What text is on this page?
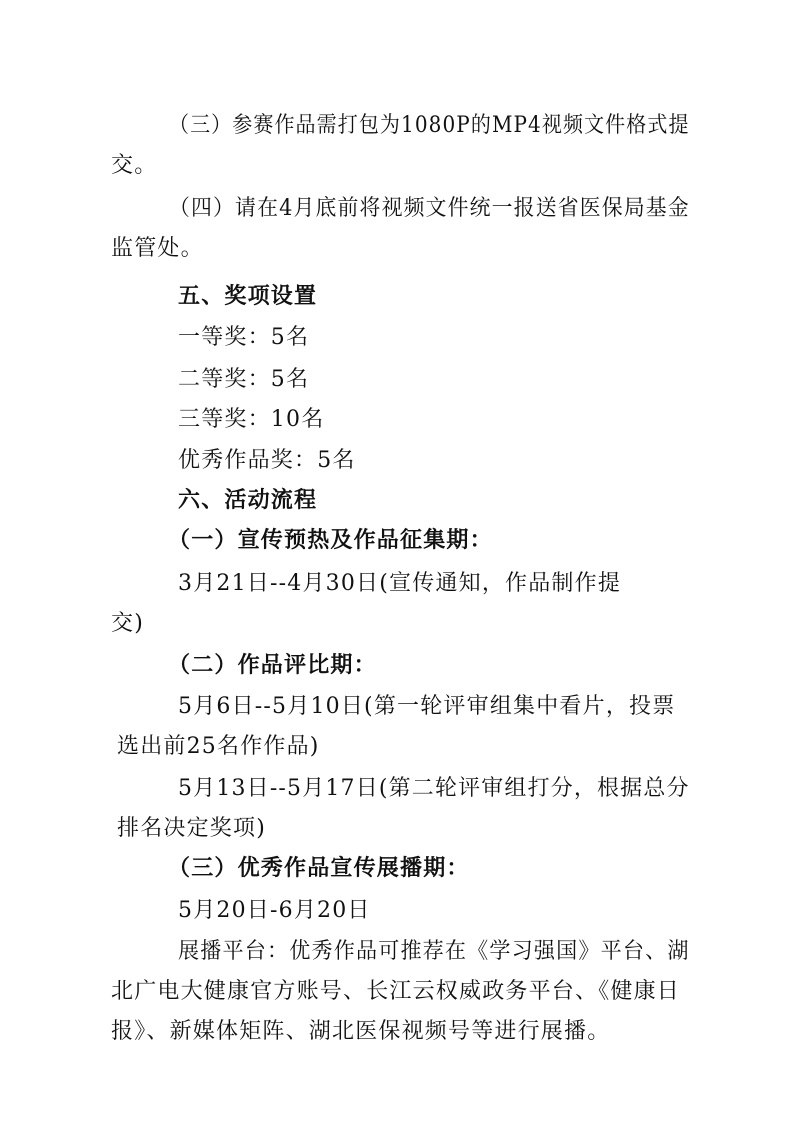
（三）参赛作品需打包为1080P的MP4视频文件格式提
交。
（四）请在4月底前将视频文件统一报送省医保局基金
监管处。
五、奖项设置
一等奖：5名
二等奖：5名
三等奖：10名
优秀作品奖：5名
六、活动流程
（一）宣传预热及作品征集期：
3月21日--4月30日(宣传通知，作品制作提
交)
（二）作品评比期：
5月6日--5月10日(第一轮评审组集中看片，投票
选出前25名作作品)
5月13日--5月17日(第二轮评审组打分，根据总分
排名决定奖项)
（三）优秀作品宣传展播期：
5月20日-6月20日
展播平台：优秀作品可推荐在《学习强国》平台、湖
北广电大健康官方账号、长江云权威政务平台、《健康日
报》、新媒体矩阵、湖北医保视频号等进行展播。
